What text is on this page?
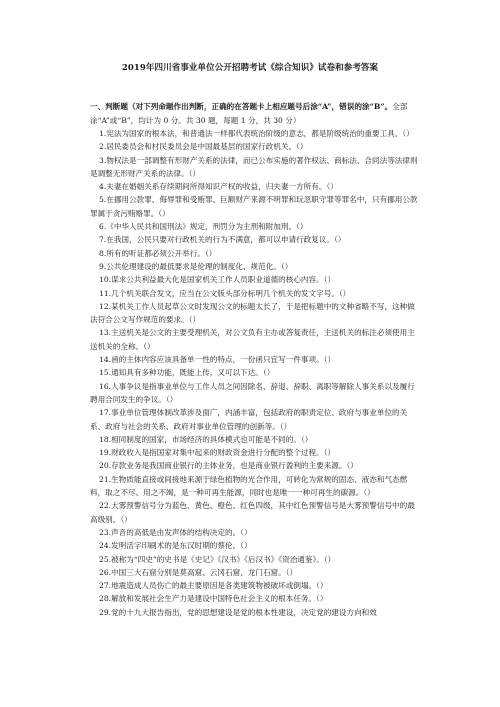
2019年四川省事业单位公开招聘考试《综合知识》试卷和参考答案
一、判断题（对下列命题作出判断，正确的在答题卡上相应题号后涂“A”，错误的涂“B”。全部涂“A”或“B”，均计为 0 分。共 30 题，每题 1 分，共 30 分）

1.宪法为国家的根本法，和普通法一样都代表统治阶级的意志，都是阶级统治的重要工具。（）

2.居民委员会和村民委员会是中国最基层的国家行政机关。（）

3.物权法是一部调整有形财产关系的法律，而已公布实施的著作权法、商标法、合同法等法律则是调整无形财产关系的法律。（）

4.夫妻在婚姻关系存续期间所得知识产权的收益，归夫妻一方所有。（）

5.在挪用公款罪、侮辱罪和受贿罪、巨额财产来源不明罪和玩忽职守罪等罪名中，只有挪用公款罪属于贪污贿赂罪。（）

6.《中华人民共和国刑法》规定，刑罚分为主刑和附加刑。（）

7.在我国，公民只要对行政机关的行为不满意，都可以申请行政复议。（）

8.所有的听证都必须公开举行。（）

9.公共伦理建设的最低要求是伦理的制度化、规范化。（）

10.谋求公共利益最大化是国家机关工作人员职业道德的核心内容。（）

11.几个机关联合发文，应当在公文版头部分标明几个机关的发文字号。（）

12.某机关工作人员起草公文时发现公文的标题太长了，于是把标题中的文种省略不写，这种做法符合公文写作规范的要求。（）

13.主送机关是公文的主要受理机关，对公文负有主办或答复责任，主送机关的标注必须使用主送机关的全称。（）

14.函的主体内容应该具备单一性的特点，一份函只宜写一件事项。（）

15.通知具有多种功能，既能上传，又可以下达。（）

16.人事争议是指事业单位与工作人员之间因除名、辞退、辞职、离职等解除人事关系以及履行聘用合同发生的争议。（）

17.事业单位管理体制改革涉及面广，内涵丰富，包括政府的职责定位、政府与事业单位的关系、政府与社会的关系、政府对事业单位管理的创新等。（）

18.相同制度的国家，市场经济的具体模式也可能是不同的。（）

19.财政收入是指国家对集中起来的财政资金进行分配的整个过程。（）

20.存款业务是我国商业银行的主体业务，也是商业银行盈利的主要来源。（）

21.生物质能直接或间接地来源于绿色植物的光合作用，可转化为常规的固态、液态和气态燃料，取之不尽、用之不竭，是一种可再生能源，同时也是唯一一种可再生的碳源。（）

22.大雾预警信号分为蓝色、黄色、橙色、红色四级，其中红色预警信号是大雾预警信号中的最高级别。（）

23.声音的高低是由发声体的结构决定的。（）

24.发明活字印刷术的是东汉时期的蔡伦。（）

25.被称为“四史”的史书是《史记》《汉书》《后汉书》《资治通鉴》。（）

26.中国三大石窟分别是莫高窟、云冈石窟、龙门石窟。（）

27.地震造成人员伤亡的最主要原因是各类建筑物被破坏或倒塌。（）

28.解放和发展社会生产力是建设中国特色社会主义的根本任务。（）

29.党的十九大报告指出，党的思想建设是党的根本性建设，决定党的建设方向和效
